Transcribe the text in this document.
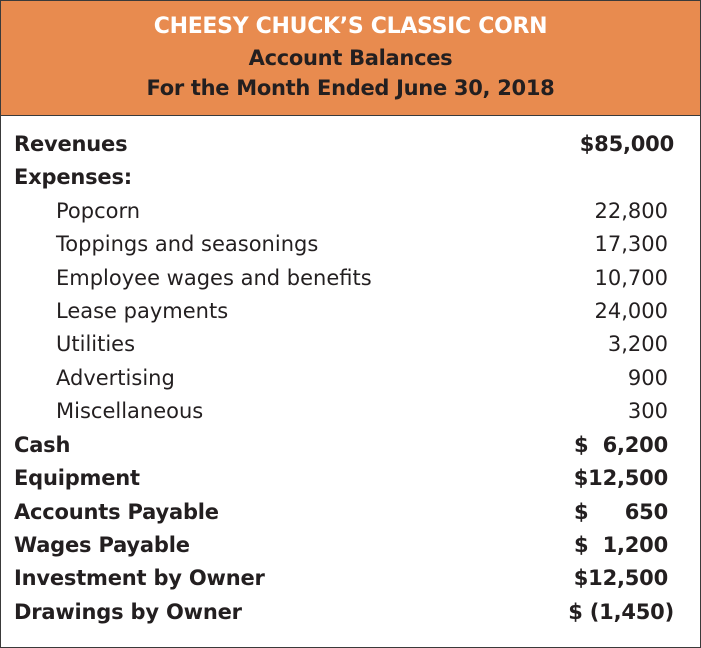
CHEESY CHUCK’S CLASSIC CORN
Account Balances
For the Month Ended June 30, 2018
Revenues	$85,000
Expenses:
Popcorn	22,800
Toppings and seasonings	17,300
Employee wages and benefits	10,700
Lease payments	24,000
Utilities	3,200
Advertising	900
Miscellaneous	300
Cash	$ 6,200
Equipment	$12,500
Accounts Payable	$ 650
Wages Payable	$ 1,200
Investment by Owner	$12,500
Drawings by Owner	$ (1,450)
